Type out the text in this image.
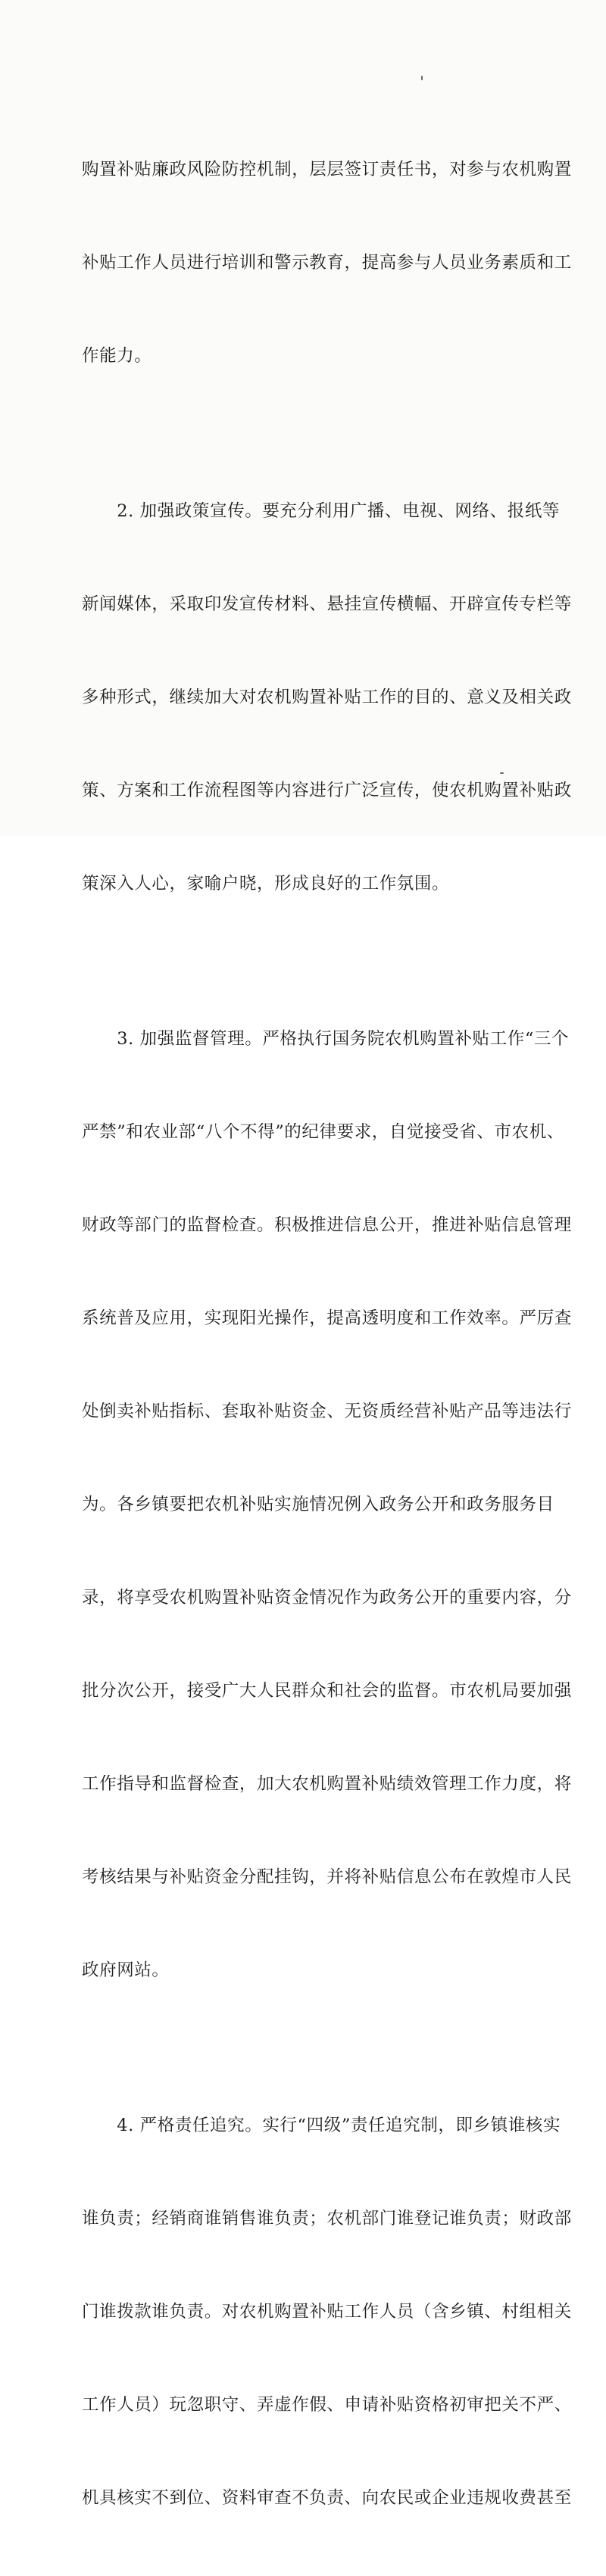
购置补贴廉政风险防控机制，层层签订责任书，对参与农机购置

补贴工作人员进行培训和警示教育，提高参与人员业务素质和工

作能力。

　　2. 加强政策宣传。要充分利用广播、电视、网络、报纸等

新闻媒体，采取印发宣传材料、悬挂宣传横幅、开辟宣传专栏等

多种形式，继续加大对农机购置补贴工作的目的、意义及相关政

策、方案和工作流程图等内容进行广泛宣传，使农机购置补贴政

策深入人心，家喻户晓，形成良好的工作氛围。

　　3. 加强监督管理。严格执行国务院农机购置补贴工作“三个

严禁”和农业部“八个不得”的纪律要求，自觉接受省、市农机、

财政等部门的监督检查。积极推进信息公开，推进补贴信息管理

系统普及应用，实现阳光操作，提高透明度和工作效率。严厉查

处倒卖补贴指标、套取补贴资金、无资质经营补贴产品等违法行

为。各乡镇要把农机补贴实施情况例入政务公开和政务服务目

录，将享受农机购置补贴资金情况作为政务公开的重要内容，分

批分次公开，接受广大人民群众和社会的监督。市农机局要加强

工作指导和监督检查，加大农机购置补贴绩效管理工作力度，将

考核结果与补贴资金分配挂钩，并将补贴信息公布在敦煌市人民

政府网站。

　　4. 严格责任追究。实行“四级”责任追究制，即乡镇谁核实

谁负责；经销商谁销售谁负责；农机部门谁登记谁负责；财政部

门谁拨款谁负责。对农机购置补贴工作人员（含乡镇、村组相关

工作人员）玩忽职守、弄虚作假、申请补贴资格初审把关不严、

机具核实不到位、资料审查不负责、向农民或企业违规收费甚至
